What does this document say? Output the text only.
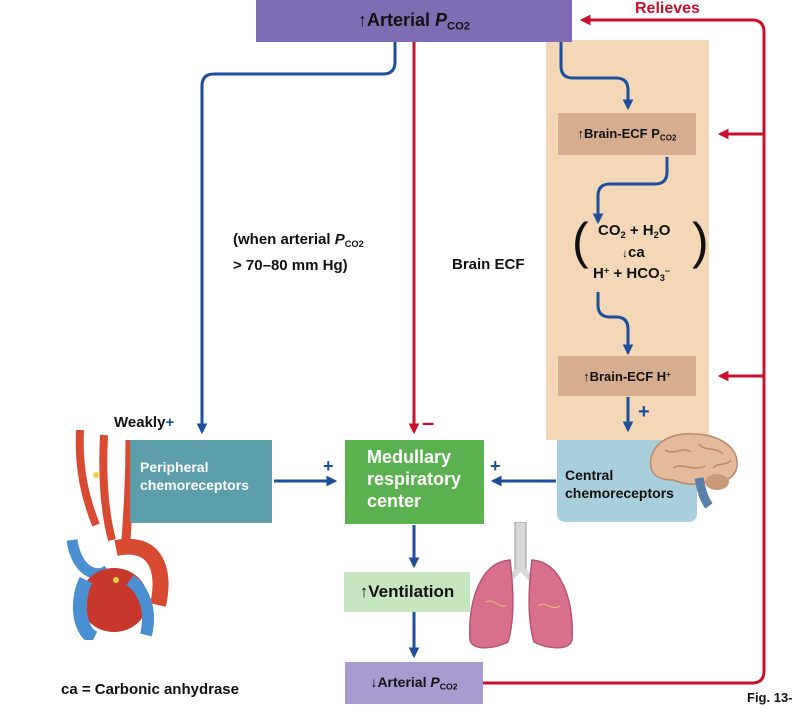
↑Arterial $P_{CO2}$
Relieves
↑Brain-ECF $P_{CO2}$
( )
$CO_2 + H_2O$
↓ca
$H^+ + HCO_3^-$
↑Brain-ECF H+
(when arterial $P_{CO2}$
> 70–80 mm Hg)	Brain ECF
Weakly+
Peripheral
chemoreceptors
Medullary
respiratory
center
Central
chemoreceptors
+
–
+	+
↑Ventilation
↓Arterial $P_{CO2}$
ca = Carbonic anhydrase	Fig. 13-
